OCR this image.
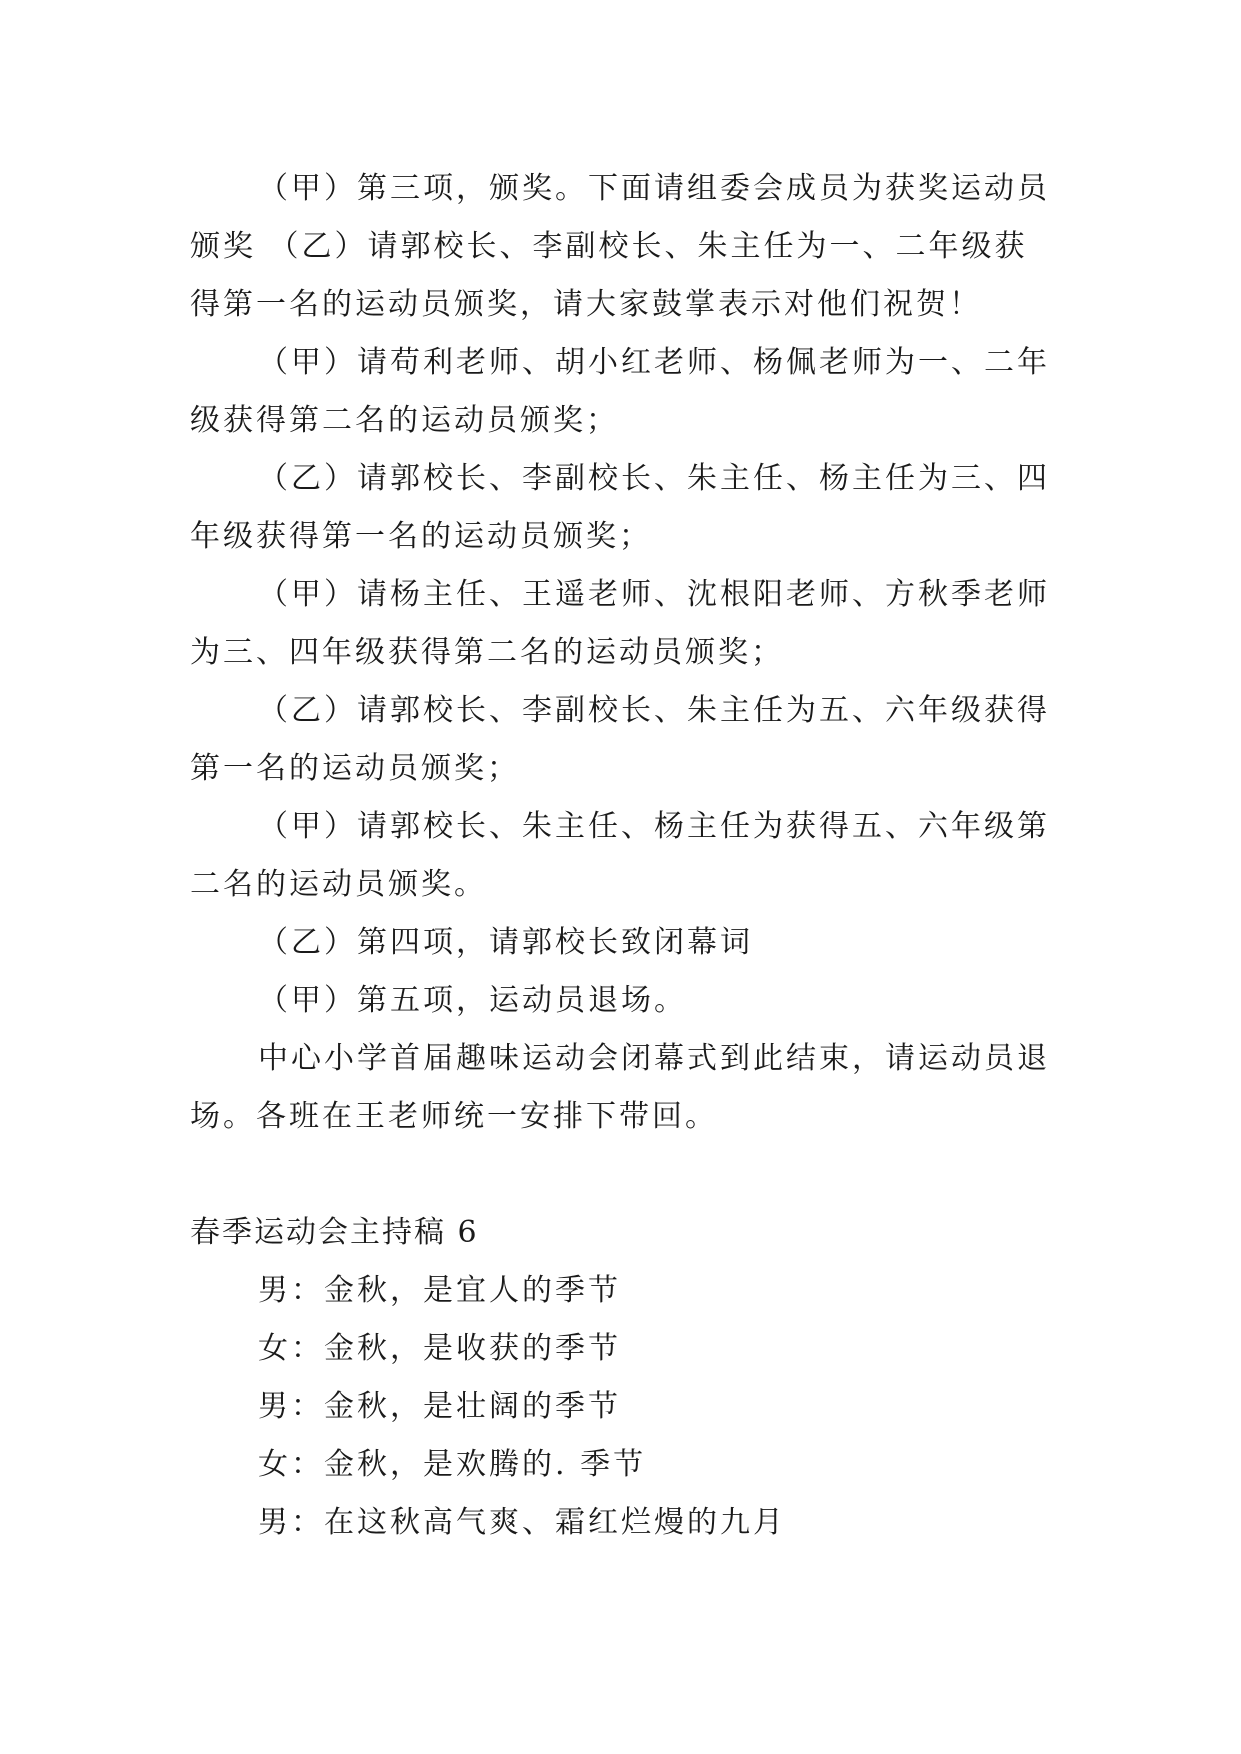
（甲）第三项，颁奖。下面请组委会成员为获奖运动员颁奖 （乙）请郭校长、李副校长、朱主任为一、二年级获得第一名的运动员颁奖，请大家鼓掌表示对他们祝贺！

（甲）请苟利老师、胡小红老师、杨佩老师为一、二年级获得第二名的运动员颁奖；

（乙）请郭校长、李副校长、朱主任、杨主任为三、四年级获得第一名的运动员颁奖；

（甲）请杨主任、王遥老师、沈根阳老师、方秋季老师为三、四年级获得第二名的运动员颁奖；

（乙）请郭校长、李副校长、朱主任为五、六年级获得第一名的运动员颁奖；

（甲）请郭校长、朱主任、杨主任为获得五、六年级第二名的运动员颁奖。

（乙）第四项，请郭校长致闭幕词

（甲）第五项，运动员退场。

中心小学首届趣味运动会闭幕式到此结束，请运动员退场。各班在王老师统一安排下带回。

春季运动会主持稿 6

男：金秋，是宜人的季节

女：金秋，是收获的季节

男：金秋，是壮阔的季节

女：金秋，是欢腾的. 季节

男：在这秋高气爽、霜红烂熳的九月
